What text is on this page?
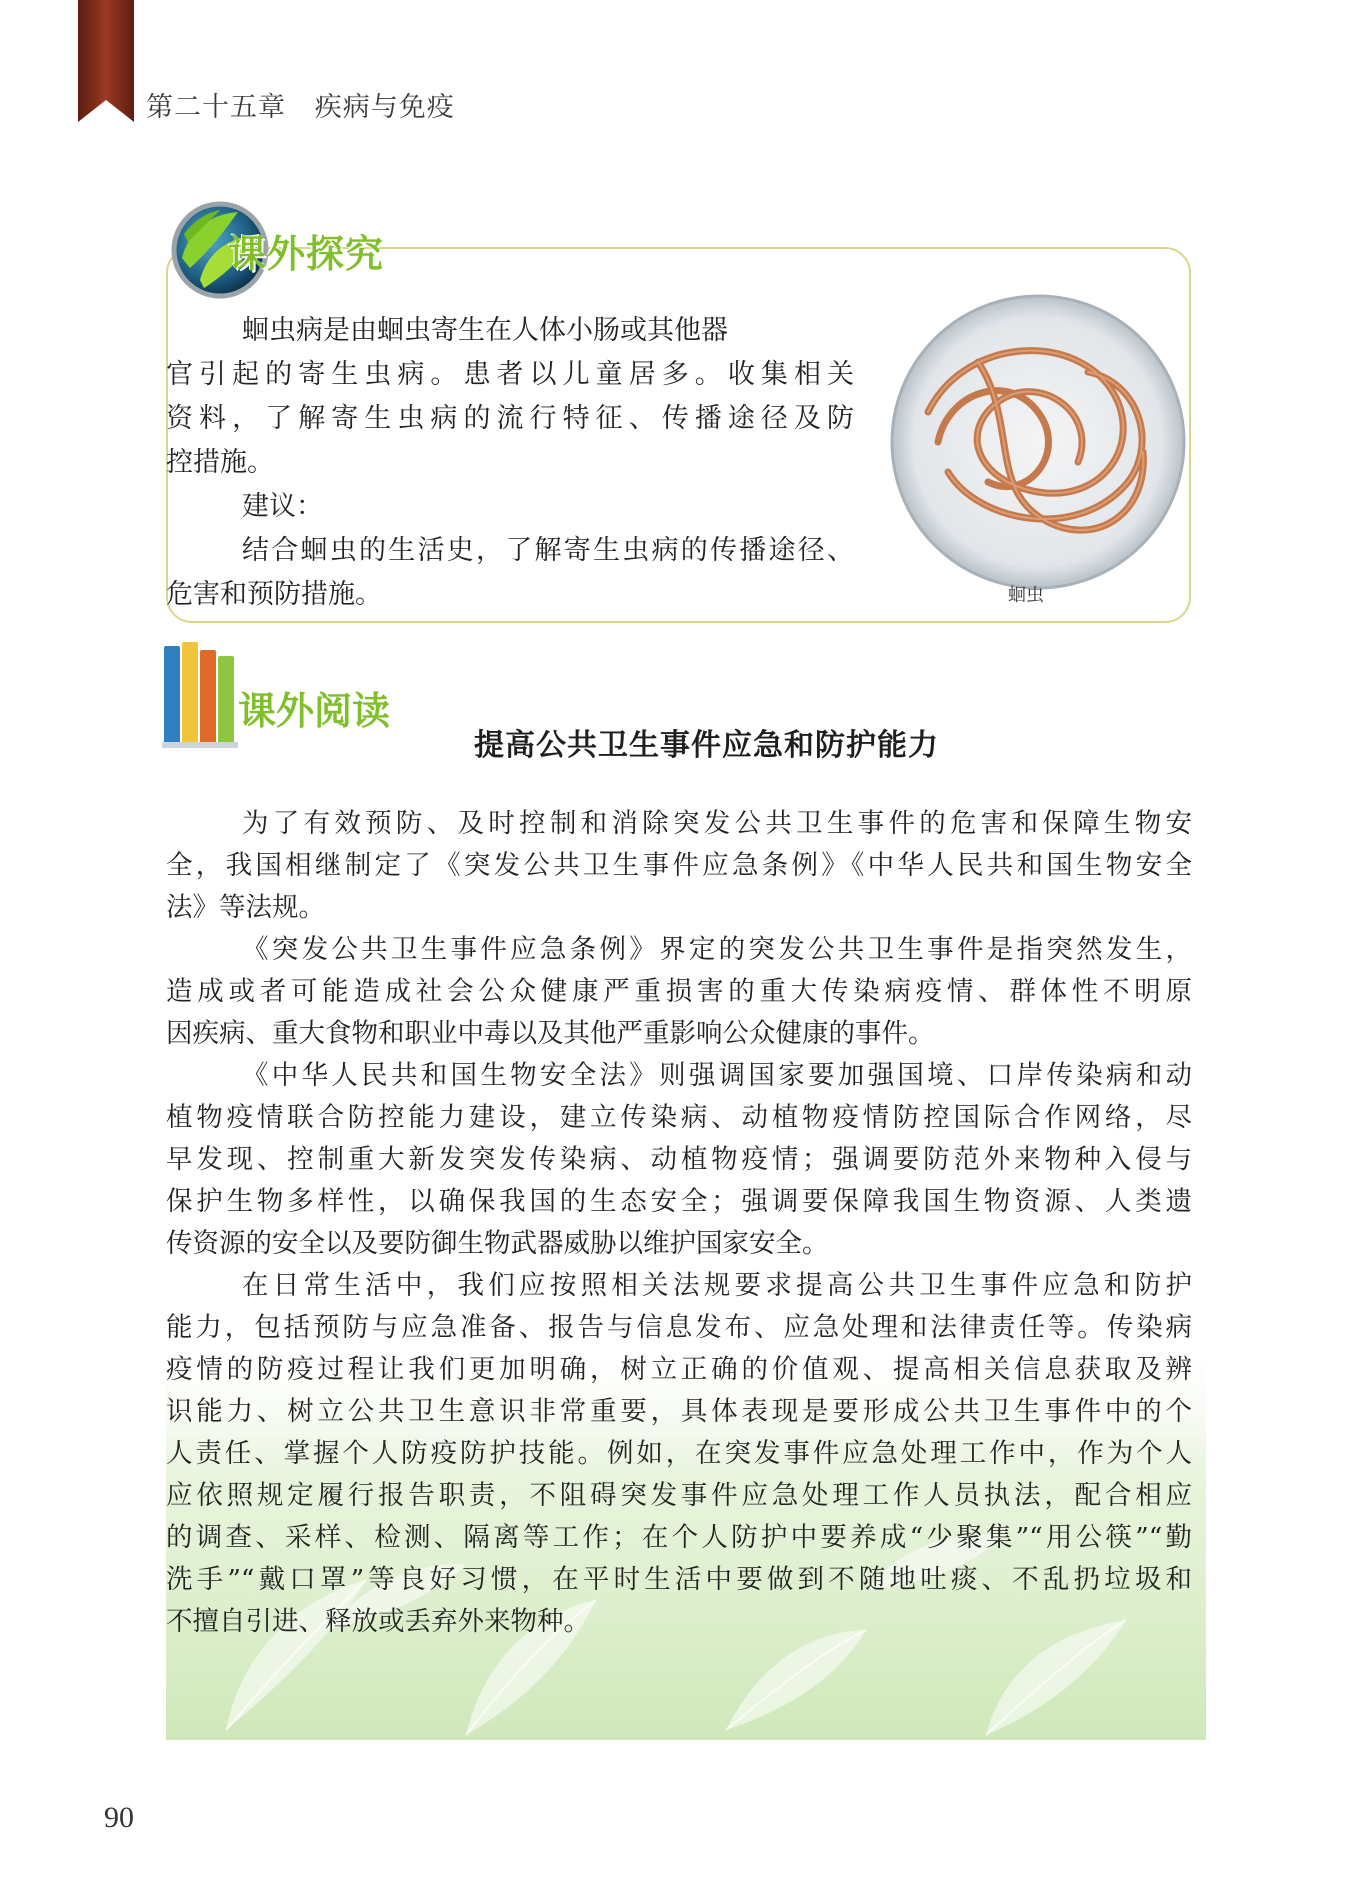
第二十五章   疾病与免疫
课外探究
蛔虫病是由蛔虫寄生在人体小肠或其他器
官引起的寄生虫病。患者以儿童居多。收集相关
资料，了解寄生虫病的流行特征、传播途径及防
控措施。
建议：
结合蛔虫的生活史，了解寄生虫病的传播途径、
危害和预防措施。	蛔虫
课外阅读
提高公共卫生事件应急和防护能力
为了有效预防、及时控制和消除突发公共卫生事件的危害和保障生物安
全，我国相继制定了《突发公共卫生事件应急条例》《中华人民共和国生物安全
法》等法规。
《突发公共卫生事件应急条例》界定的突发公共卫生事件是指突然发生，
造成或者可能造成社会公众健康严重损害的重大传染病疫情、群体性不明原
因疾病、重大食物和职业中毒以及其他严重影响公众健康的事件。
《中华人民共和国生物安全法》则强调国家要加强国境、口岸传染病和动
植物疫情联合防控能力建设，建立传染病、动植物疫情防控国际合作网络，尽
早发现、控制重大新发突发传染病、动植物疫情；强调要防范外来物种入侵与
保护生物多样性，以确保我国的生态安全；强调要保障我国生物资源、人类遗
传资源的安全以及要防御生物武器威胁以维护国家安全。
在日常生活中，我们应按照相关法规要求提高公共卫生事件应急和防护
能力，包括预防与应急准备、报告与信息发布、应急处理和法律责任等。传染病
疫情的防疫过程让我们更加明确，树立正确的价值观、提高相关信息获取及辨
识能力、树立公共卫生意识非常重要，具体表现是要形成公共卫生事件中的个
人责任、掌握个人防疫防护技能。例如，在突发事件应急处理工作中，作为个人
应依照规定履行报告职责，不阻碍突发事件应急处理工作人员执法，配合相应
的调查、采样、检测、隔离等工作；在个人防护中要养成“少聚集”“用公筷”“勤
洗手”“戴口罩”等良好习惯，在平时生活中要做到不随地吐痰、不乱扔垃圾和
不擅自引进、释放或丢弃外来物种。
90
